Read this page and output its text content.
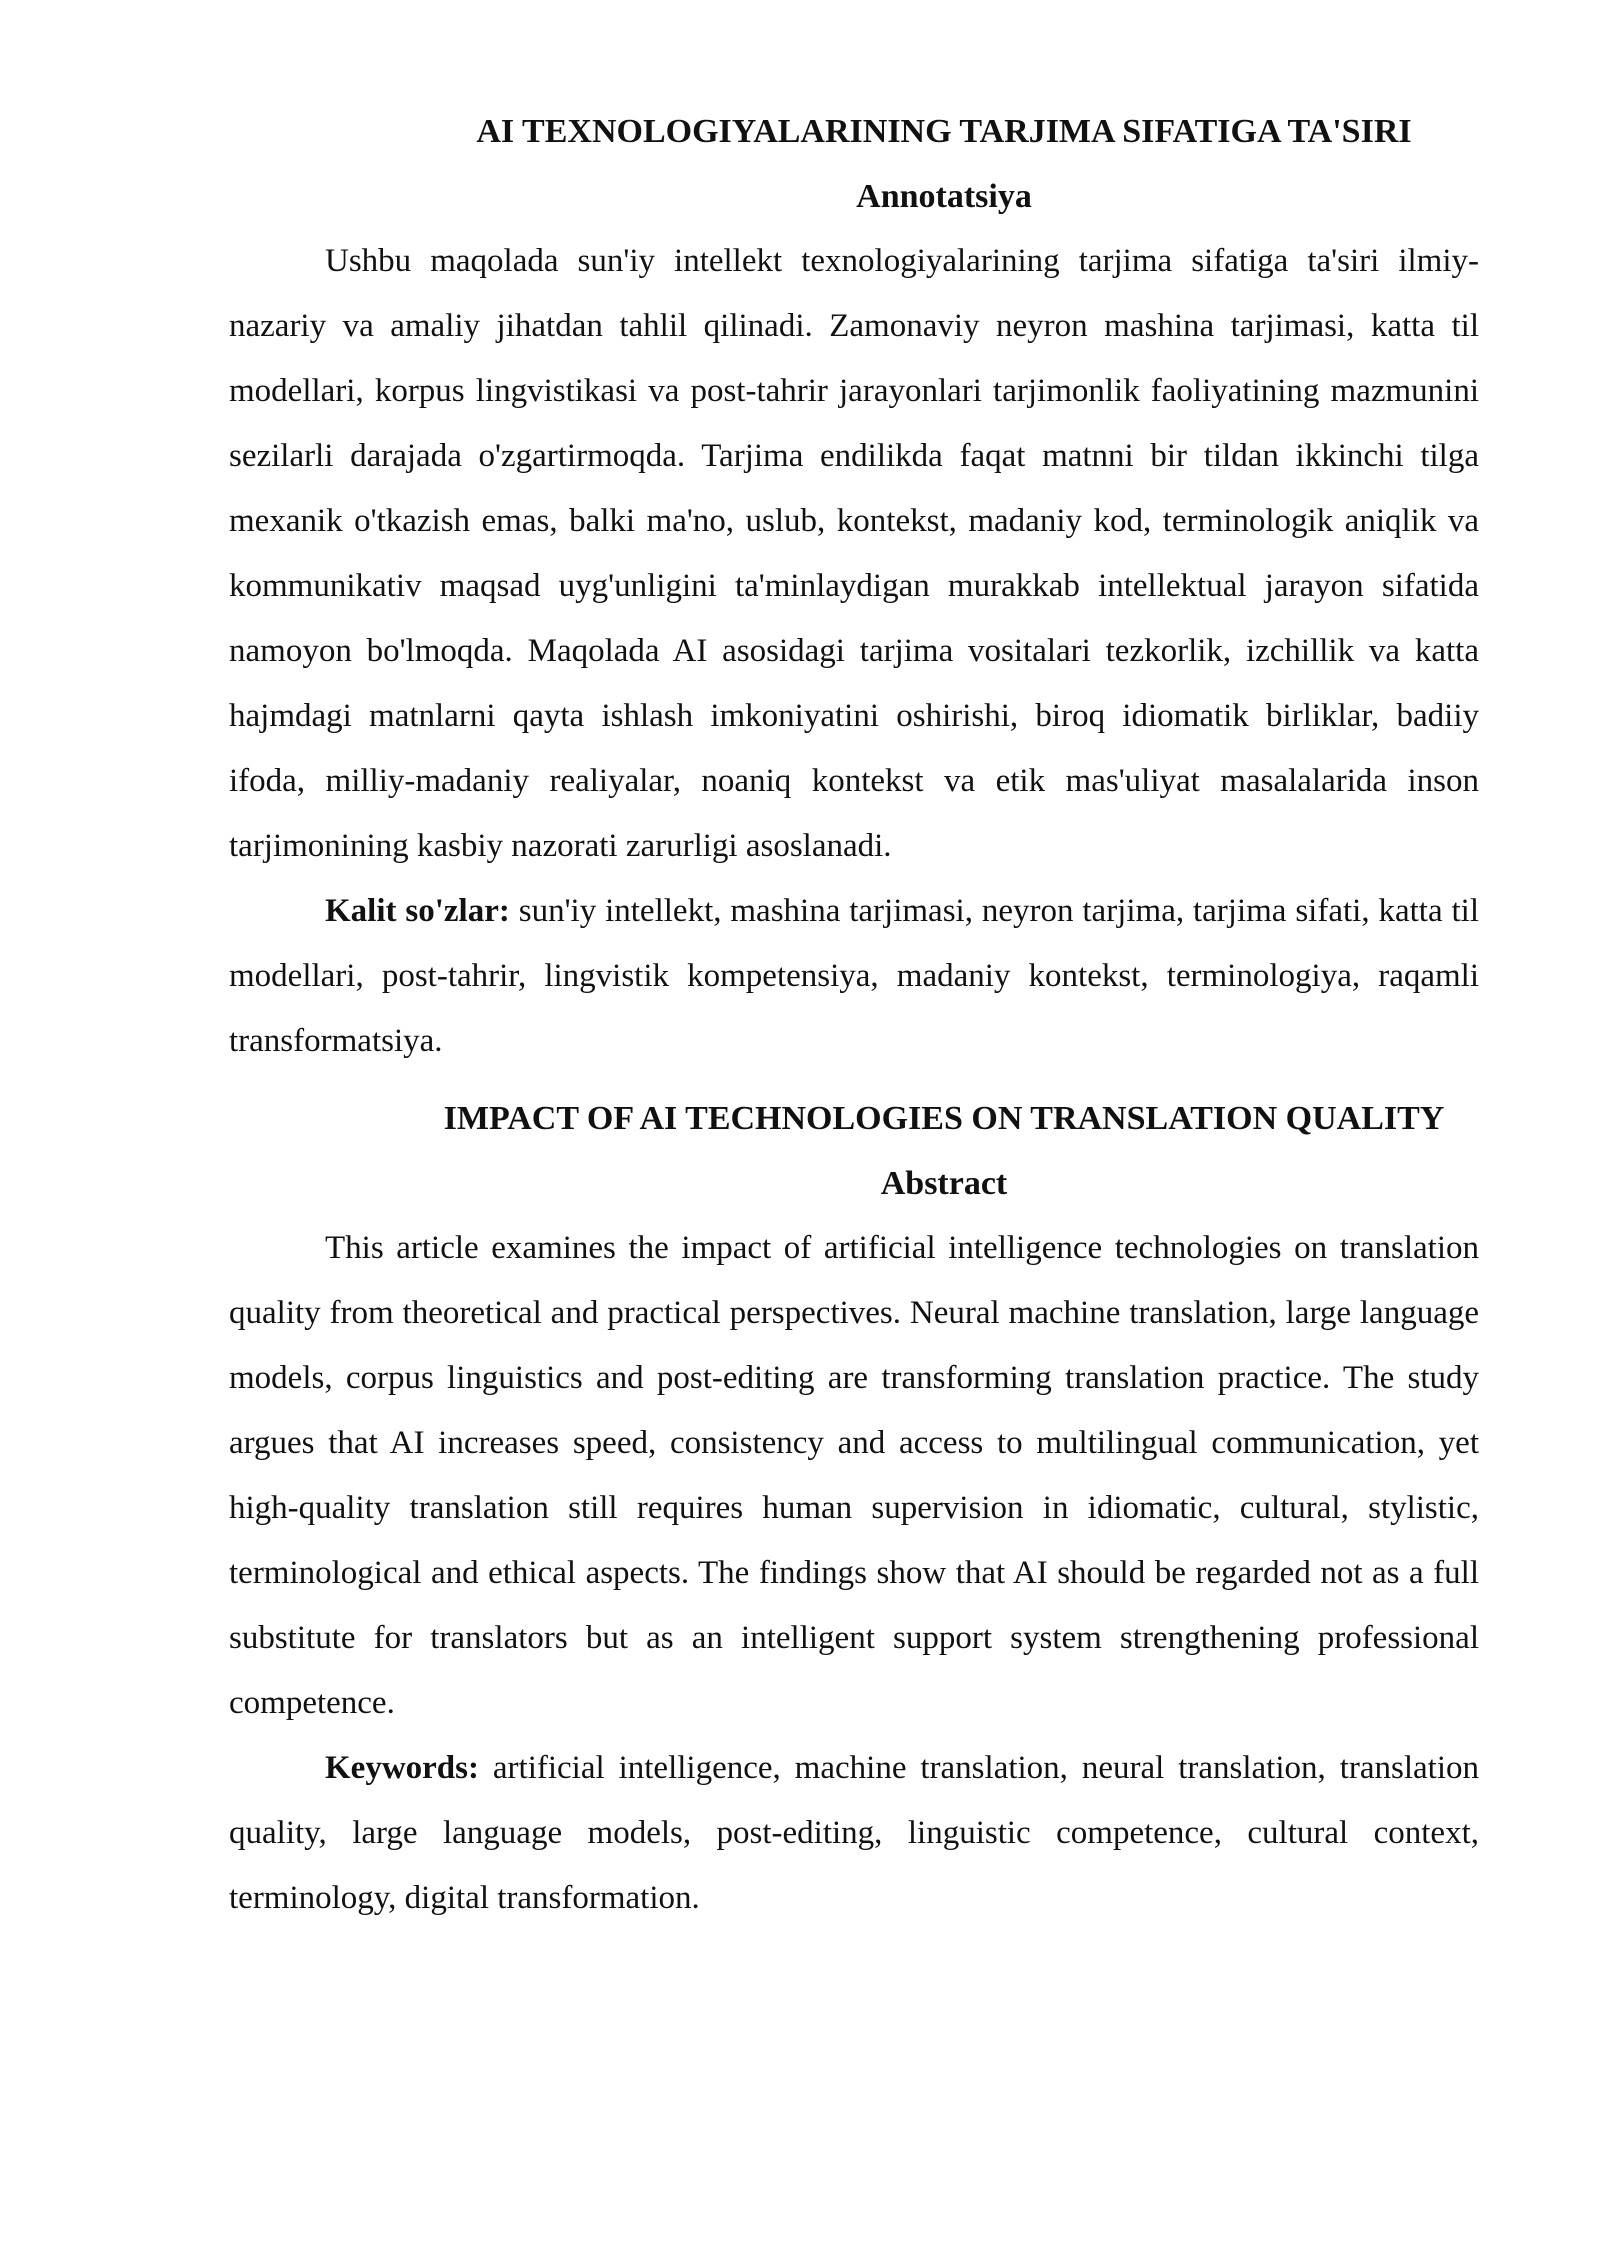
AI TEXNOLOGIYALARINING TARJIMA SIFATIGA TA'SIRI
Annotatsiya

Ushbu maqolada sun'iy intellekt texnologiyalarining tarjima sifatiga ta'siri ilmiy-nazariy va amaliy jihatdan tahlil qilinadi. Zamonaviy neyron mashina tarjimasi, katta til modellari, korpus lingvistikasi va post-tahrir jarayonlari tarjimonlik faoliyatining mazmunini sezilarli darajada o'zgartirmoqda. Tarjima endilikda faqat matnni bir tildan ikkinchi tilga mexanik o'tkazish emas, balki ma'no, uslub, kontekst, madaniy kod, terminologik aniqlik va kommunikativ maqsad uyg'unligini ta'minlaydigan murakkab intellektual jarayon sifatida namoyon bo'lmoqda. Maqolada AI asosidagi tarjima vositalari tezkorlik, izchillik va katta hajmdagi matnlarni qayta ishlash imkoniyatini oshirishi, biroq idiomatik birliklar, badiiy ifoda, milliy-madaniy realiyalar, noaniq kontekst va etik mas'uliyat masalalarida inson tarjimonining kasbiy nazorati zarurligi asoslanadi.

Kalit so'zlar: sun'iy intellekt, mashina tarjimasi, neyron tarjima, tarjima sifati, katta til modellari, post-tahrir, lingvistik kompetensiya, madaniy kontekst, terminologiya, raqamli transformatsiya.

IMPACT OF AI TECHNOLOGIES ON TRANSLATION QUALITY
Abstract

This article examines the impact of artificial intelligence technologies on translation quality from theoretical and practical perspectives. Neural machine translation, large language models, corpus linguistics and post-editing are transforming translation practice. The study argues that AI increases speed, consistency and access to multilingual communication, yet high-quality translation still requires human supervision in idiomatic, cultural, stylistic, terminological and ethical aspects. The findings show that AI should be regarded not as a full substitute for translators but as an intelligent support system strengthening professional competence.

Keywords: artificial intelligence, machine translation, neural translation, translation quality, large language models, post-editing, linguistic competence, cultural context, terminology, digital transformation.
